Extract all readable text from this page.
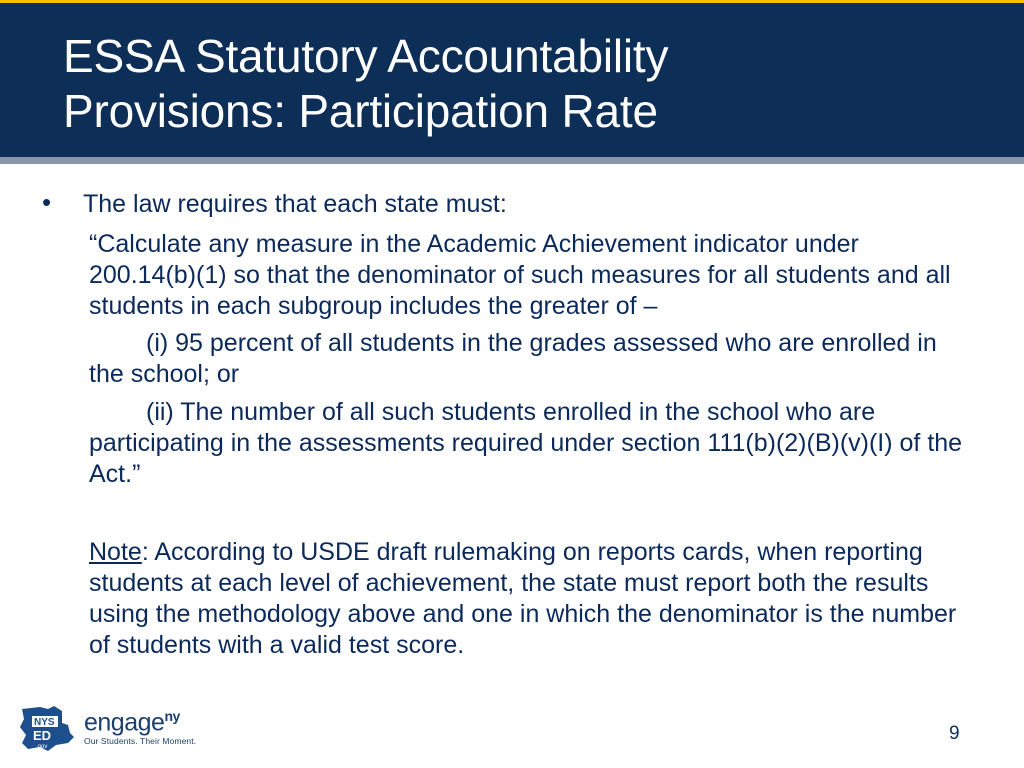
ESSA Statutory Accountability
Provisions: Participation Rate
• The law requires that each state must:
“Calculate any measure in the Academic Achievement indicator under 200.14(b)(1) so that the denominator of such measures for all students and all students in each subgroup includes the greater of –
(i) 95 percent of all students in the grades assessed who are enrolled in the school; or
(ii) The number of all such students enrolled in the school who are participating in the assessments required under section 111(b)(2)(B)(v)(I) of the Act.”
Note: According to USDE draft rulemaking on reports cards, when reporting students at each level of achievement, the state must report both the results using the methodology above and one in which the denominator is the number of students with a valid test score.
NYS
ED
.gov
engage$^{ny}$
Our Students. Their Moment.	9
